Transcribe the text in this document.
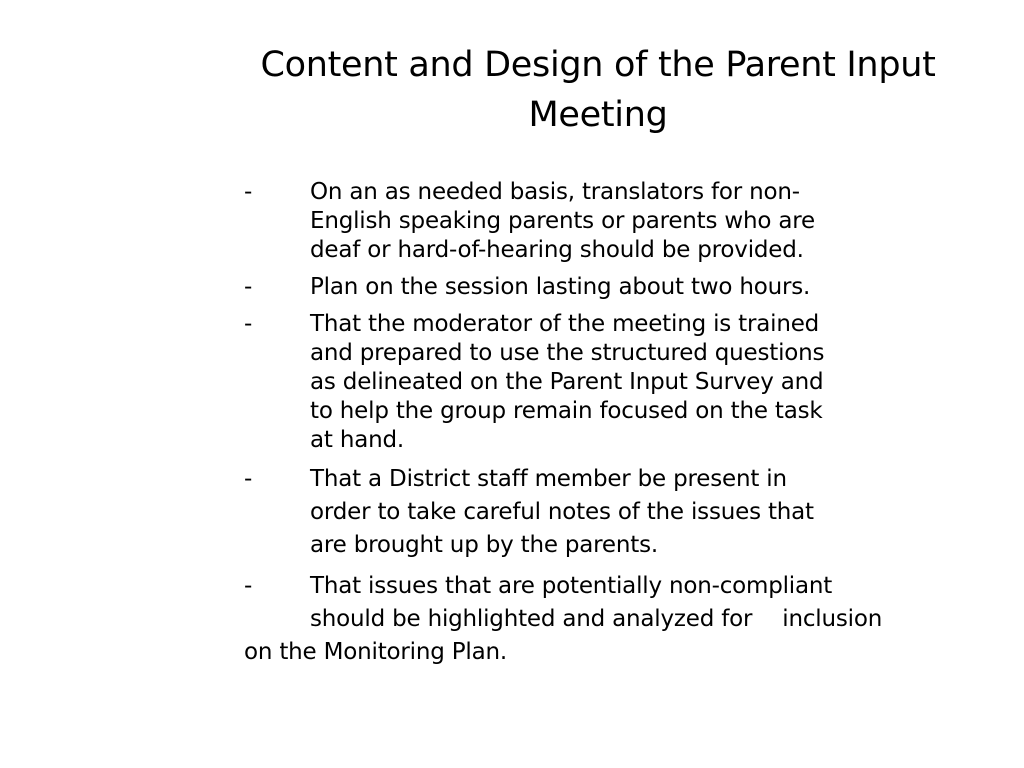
Content and Design of the Parent Input
Meeting
-	On an as needed basis, translators for non-
English speaking parents or parents who are
deaf or hard-of-hearing should be provided.
-	Plan on the session lasting about two hours.
-	That the moderator of the meeting is trained
and prepared to use the structured questions
as delineated on the Parent Input Survey and
to help the group remain focused on the task
at hand.
-	That a District staff member be present in
order to take careful notes of the issues that
are brought up by the parents.
-	That issues that are potentially non-compliant
should be highlighted and analyzed for inclusion
on the Monitoring Plan.
